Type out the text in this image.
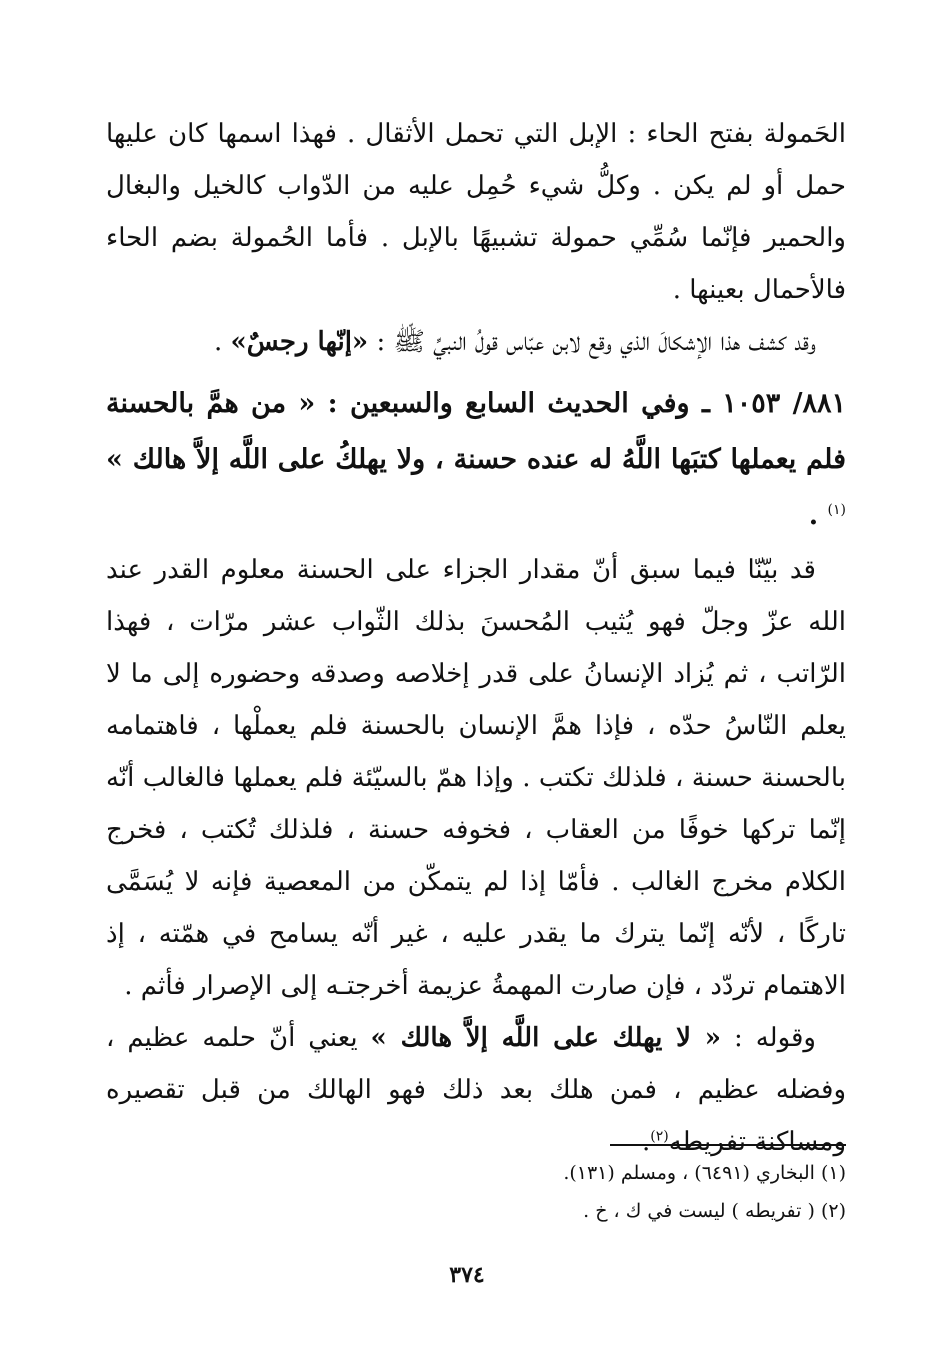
الحَمولة بفتح الحاء : الإبل التي تحمل الأثقال . فهذا اسمها كان عليها حمل أو لم يكن . وكلُّ شيء حُمِل عليه من الدّواب كالخيل والبغال والحمير فإنّما سُمِّي حمولة تشبيهًا بالإبل . فأما الحُمولة بضم الحاء فالأحمال بعينها .

وقد كشف هذا الإشكالَ الذي وقع لابن عبّاس قولُ النبيِّ ﷺ : «إنّها رجسٌ» .

٨٨١/ ١٠٥٣ ـ وفي الحديث السابع والسبعين : « من همَّ بالحسنة فلم يعملها كتبَها اللَّهُ له عنده حسنة ، ولا يهلكُ على اللَّه إلاَّ هالك » $^{(١)}$ .

قد بيّنّا فيما سبق أنّ مقدار الجزاء على الحسنة معلوم القدر عند الله عزّ وجلّ فهو يُثيب المُحسنَ بذلك الثّواب عشر مرّات ، فهذا الرّاتب ، ثم يُزاد الإنسانُ على قدر إخلاصه وصدقه وحضوره إلى ما لا يعلم النّاسُ حدّه ، فإذا همَّ الإنسان بالحسنة فلم يعملْها ، فاهتمامه بالحسنة حسنة ، فلذلك تكتب . وإذا همّ بالسيّئة فلم يعملها فالغالب أنّه إنّما تركها خوفًا من العقاب ، فخوفه حسنة ، فلذلك تُكتب ، فخرج الكلام مخرج الغالب . فأمّا إذا لم يتمكّن من المعصية فإنه لا يُسَمَّى تاركًا ، لأنّه إنّما يترك ما يقدر عليه ، غير أنّه يسامح في همّته ، إذ الاهتمام تردّد ، فإن صارت المهمةُ عزيمة أخرجتـه إلى الإصرار فأثم .

وقوله : « لا يهلك على اللَّه إلاَّ هالك » يعني أنّ حلمه عظيم ، وفضله عظيم ، فمن هلك بعد ذلك فهو الهالك من قبل تقصيره ومساكنة تفريطه$^{(٢)}$.

(١) البخاري (٦٤٩١) ، ومسلم (١٣١).

(٢) ( تفريطه ) ليست في ك ، خ .

٣٧٤
